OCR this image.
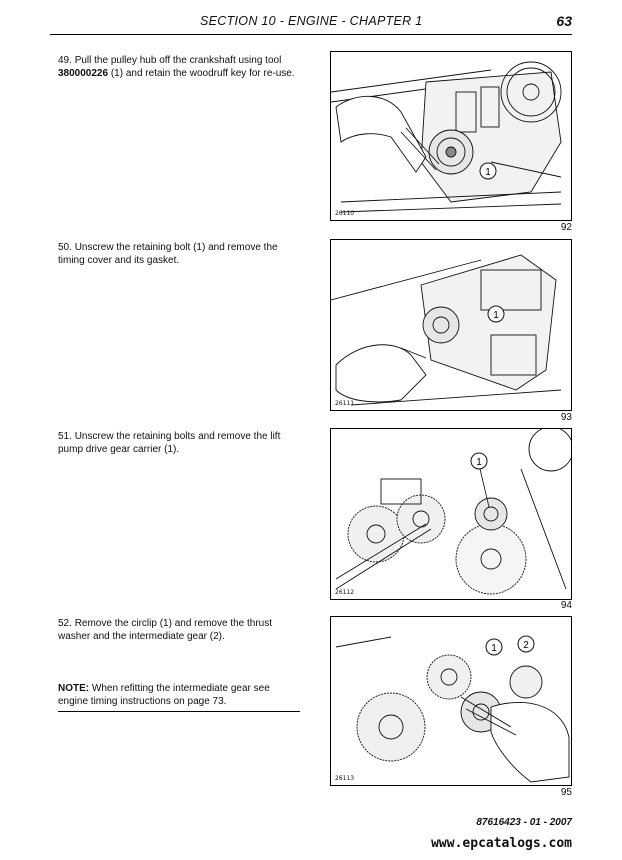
SECTION 10 - ENGINE - CHAPTER 1	63
49. Pull the pulley hub off the crankshaft using tool 380000226 (1) and retain the woodruff key for re-use.
1
26110
92
50. Unscrew the retaining bolt (1) and remove the timing cover and its gasket.
1
26111
93
51. Unscrew the retaining bolts and remove the lift pump drive gear carrier (1).
1
26112
94
52. Remove the circlip (1) and remove the thrust washer and the intermediate gear (2).
NOTE: When refitting the intermediate gear see engine timing instructions on page 73.
1	2
26113
95
87616423 - 01 - 2007
www.epcatalogs.com
